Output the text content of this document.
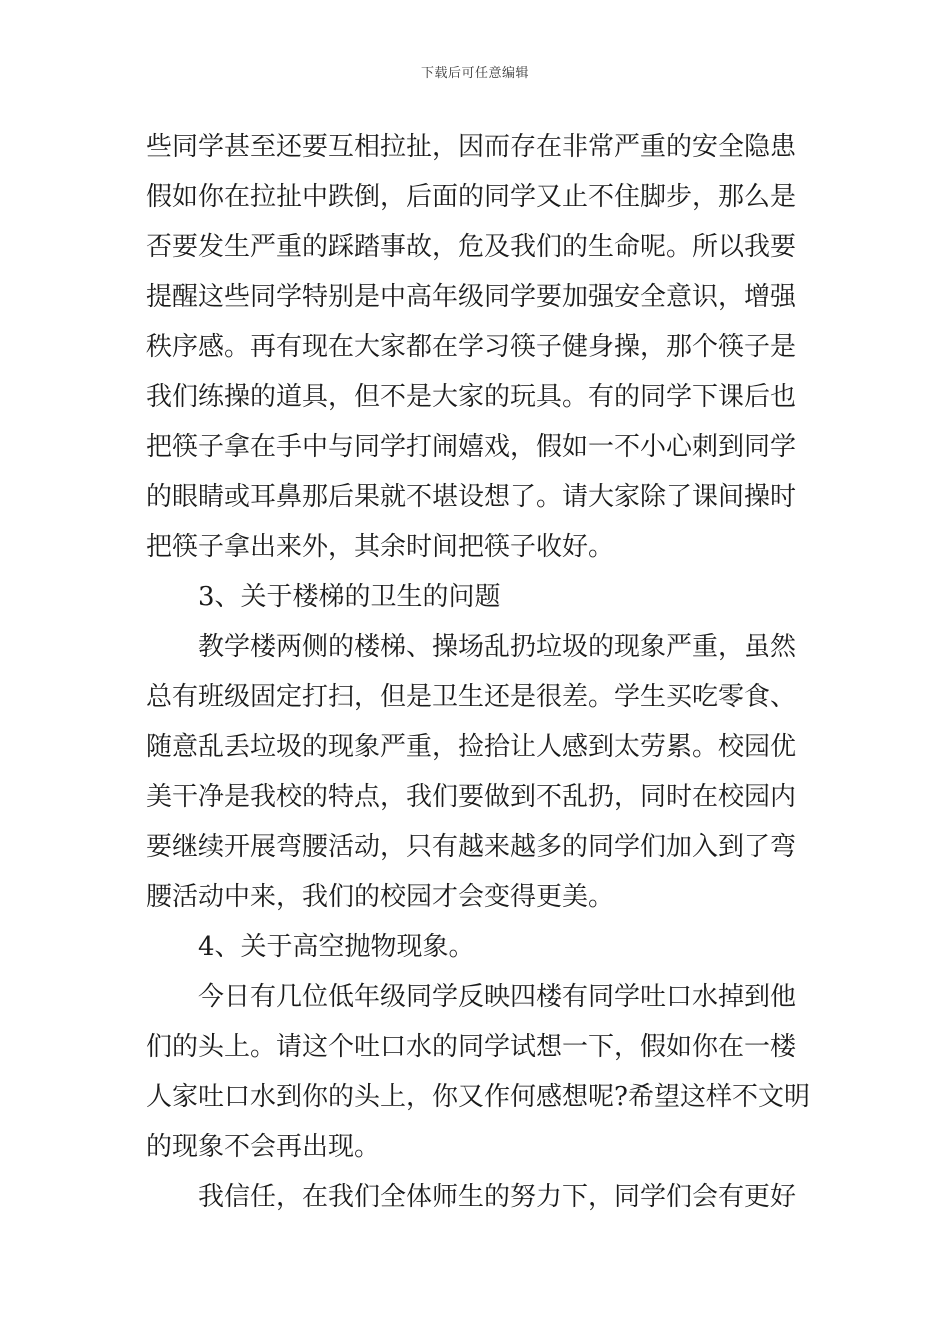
下载后可任意编辑
些同学甚至还要互相拉扯，因而存在非常严重的安全隐患
假如你在拉扯中跌倒，后面的同学又止不住脚步，那么是
否要发生严重的踩踏事故，危及我们的生命呢。所以我要
提醒这些同学特别是中高年级同学要加强安全意识，增强
秩序感。再有现在大家都在学习筷子健身操，那个筷子是
我们练操的道具，但不是大家的玩具。有的同学下课后也
把筷子拿在手中与同学打闹嬉戏，假如一不小心刺到同学
的眼睛或耳鼻那后果就不堪设想了。请大家除了课间操时
把筷子拿出来外，其余时间把筷子收好。
3、关于楼梯的卫生的问题
教学楼两侧的楼梯、操场乱扔垃圾的现象严重，虽然
总有班级固定打扫，但是卫生还是很差。学生买吃零食、
随意乱丢垃圾的现象严重，捡拾让人感到太劳累。校园优
美干净是我校的特点，我们要做到不乱扔，同时在校园内
要继续开展弯腰活动，只有越来越多的同学们加入到了弯
腰活动中来，我们的校园才会变得更美。
4、关于高空抛物现象。
今日有几位低年级同学反映四楼有同学吐口水掉到他
们的头上。请这个吐口水的同学试想一下，假如你在一楼
人家吐口水到你的头上，你又作何感想呢?希望这样不文明
的现象不会再出现。
我信任，在我们全体师生的努力下，同学们会有更好
